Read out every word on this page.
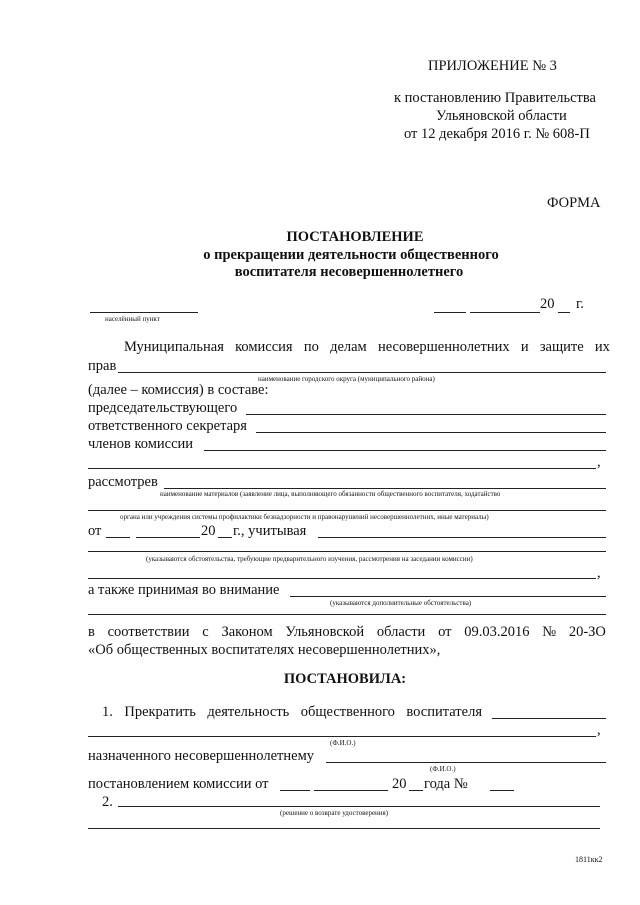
ПРИЛОЖЕНИЕ № 3
к постановлению Правительства
Ульяновской области
от 12 декабря 2016 г. № 608-П
ФОРМА
ПОСТАНОВЛЕНИЕ
о прекращении деятельности общественного
воспитателя несовершеннолетнего
населённый пункт
20 г.
Муниципальная комиссия по делам несовершеннолетних и защите их
прав
наименование городского округа (муниципального района)
(далее – комиссия) в составе:
председательствующего
ответственного секретаря
членов комиссии
,
рассмотрев
наименование материалов (заявление лица, выполняющего обязанности общественного воспитателя, ходатайство
органа или учреждения системы профилактики безнадзорности и правонарушений несовершеннолетних, иные материалы)
от	20 г., учитывая
(указываются обстоятельства, требующие предварительного изучения, рассмотрения на заседании комиссии)
,
а также принимая во внимание
(указываются дополнительные обстоятельства)
в соответствии с Законом Ульяновской области от 09.03.2016 № 20-ЗО
«Об общественных воспитателях несовершеннолетних»,
ПОСТАНОВИЛА:
1. Прекратить деятельность общественного воспитателя
,
(Ф.И.О.)
назначенного несовершеннолетнему
(Ф.И.О.)
постановлением комиссии от	20 года №
2.
(решение о возврате удостоверения)
1811кк2
